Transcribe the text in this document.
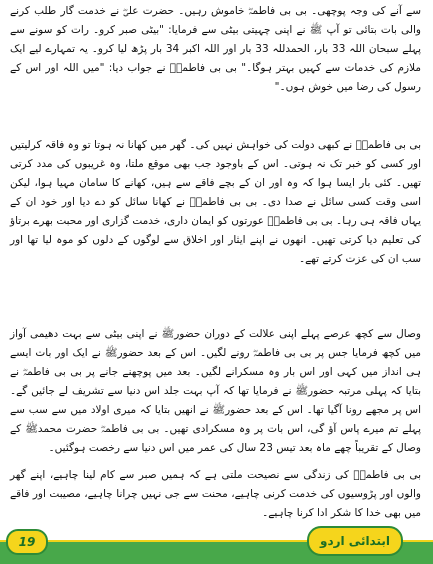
سے آنے کی وجہ پوچھی۔ بی بی فاطمہؓ خاموش رہیں۔ حضرت علیؓ نے خدمت گار طلب کرنے والی بات بتائی تو آپ ﷺ نے اپنی چہیتی بیٹی سے فرمایا: "بیٹی صبر کرو۔ رات کو سونے سے پہلے سبحان اللہ 33 بار، الحمدللہ 33 بار اور اللہ اکبر 34 بار پڑھ لیا کرو۔ یہ تمہارے لیے ایک ملازم کی خدمات سے کہیں بہتر ہوگا۔" بی بی فاطمہؓ نے جواب دیا: "میں اللہ اور اس کے رسول کی رضا میں خوش ہوں۔"

بی بی فاطمہؓ نے کبھی دولت کی خواہش نہیں کی۔ گھر میں کھانا نہ ہوتا تو وہ فاقہ کرلیتیں اور کسی کو خبر تک نہ ہوتی۔ اس کے باوجود جب بھی موقع ملتا، وہ غریبوں کی مدد کرتی تھیں۔ کئی بار ایسا ہوا کہ وہ اور ان کے بچے فاقے سے ہیں، کھانے کا سامان مہیا ہوا، لیکن اسی وقت کسی سائل نے صدا دی۔ بی بی فاطمہؓ نے کھانا سائل کو دے دیا اور خود ان کے یہاں فاقہ ہی رہا۔ بی بی فاطمہؓ عورتوں کو ایمان داری، خدمت گزاری اور محبت بھرے برتاؤ کی تعلیم دیا کرتی تھیں۔ انھوں نے اپنے ایثار اور اخلاق سے لوگوں کے دلوں کو موہ لیا تھا اور سب ان کی عزت کرتے تھے۔

وصال سے کچھ عرصے پہلے اپنی علالت کے دوران حضورﷺ نے اپنی بیٹی سے بہت دھیمی آواز میں کچھ فرمایا جس پر بی بی فاطمہؓ رونے لگیں۔ اس کے بعد حضورﷺ نے ایک اور بات ایسے ہی انداز میں کہی اور اس بار وہ مسکرانے لگیں۔ بعد میں پوچھنے جانے پر بی بی فاطمہؓ نے بتایا کہ پہلی مرتبہ حضورﷺ نے فرمایا تھا کہ آپ بہت جلد اس دنیا سے تشریف لے جائیں گے۔ اس پر مجھے رونا آگیا تھا۔ اس کے بعد حضورﷺ نے انھیں بتایا کہ میری اولاد میں سے سب سے پہلے تم میرے پاس آؤ گی، اس بات پر وہ مسکرادی تھیں۔ بی بی فاطمہؓ حضرت محمدﷺ کے وصال کے تقریباً چھے ماہ بعد تیس 23 سال کی عمر میں اس دنیا سے رخصت ہوگئیں۔

بی بی فاطمہؓ کی زندگی سے نصیحت ملتی ہے کہ ہمیں صبر سے کام لینا چاہیے، اپنے گھر والوں اور پڑوسیوں کی خدمت کرنی چاہیے، محنت سے جی نہیں چرانا چاہیے، مصیبت اور فاقے میں بھی خدا کا شکر ادا کرنا چاہیے۔

19	ابتدائی اردو
